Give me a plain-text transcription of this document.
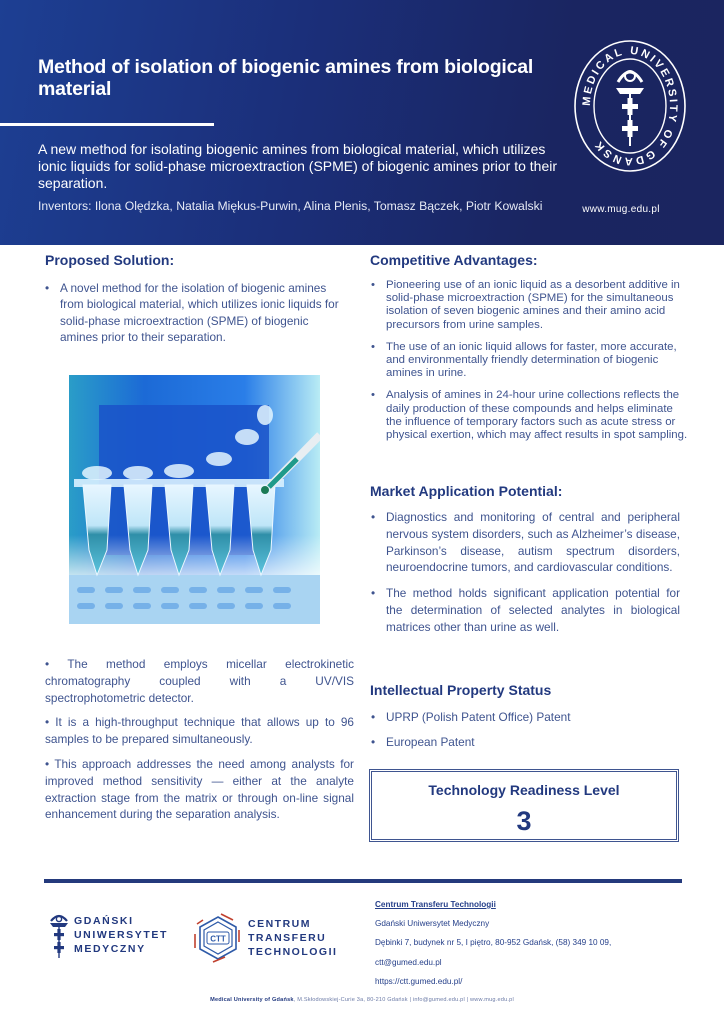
Method of isolation of biogenic amines from biological material

A new method for isolating biogenic amines from biological material, which utilizes ionic liquids for solid-phase microextraction (SPME) of biogenic amines prior to their separation.

Inventors: Ilona Olędzka, Natalia Miękus-Purwin, Alina Plenis, Tomasz Bączek, Piotr Kowalski

MEDICAL UNIVERSITY OF GDANSK
www.mug.edu.pl
Proposed Solution:
• A novel method for the isolation of biogenic amines from biological material, which utilizes ionic liquids for solid-phase microextraction (SPME) of biogenic amines prior to their separation.

• The method employs micellar electrokinetic chromatography coupled with a UV/VIS spectrophotometric detector.

• It is a high-throughput technique that allows up to 96 samples to be prepared simultaneously.

• This approach addresses the need among analysts for improved method sensitivity — either at the analyte extraction stage from the matrix or through on-line signal enhancement during the separation analysis.

Competitive Advantages:
• Pioneering use of an ionic liquid as a desorbent additive in solid-phase microextraction (SPME) for the simultaneous isolation of seven biogenic amines and their amino acid precursors from urine samples.
• The use of an ionic liquid allows for faster, more accurate, and environmentally friendly determination of biogenic amines in urine.
• Analysis of amines in 24-hour urine collections reflects the daily production of these compounds and helps eliminate the influence of temporary factors such as acute stress or physical exertion, which may affect results in spot sampling.
Market Application Potential:
• Diagnostics and monitoring of central and peripheral nervous system disorders, such as Alzheimer’s disease, Parkinson’s disease, autism spectrum disorders, neuroendocrine tumors, and cardiovascular conditions.
• The method holds significant application potential for the determination of selected analytes in biological matrices other than urine as well.
Intellectual Property Status
• UPRP (Polish Patent Office) Patent
• European Patent
Technology Readiness Level
3
GDAŃSKI
UNIWERSYTET
MEDYCZNY
CTT
CENTRUM
TRANSFERU
TECHNOLOGII
Centrum Transferu Technologii
Gdański Uniwersytet Medyczny
Dębinki 7, budynek nr 5, I piętro, 80-952 Gdańsk, (58) 349 10 09,
ctt@gumed.edu.pl
https://ctt.gumed.edu.pl/
Medical University of Gdańsk, M.Skłodowskiej-Curie 3a, 80-210 Gdańsk | info@gumed.edu.pl | www.mug.edu.pl
